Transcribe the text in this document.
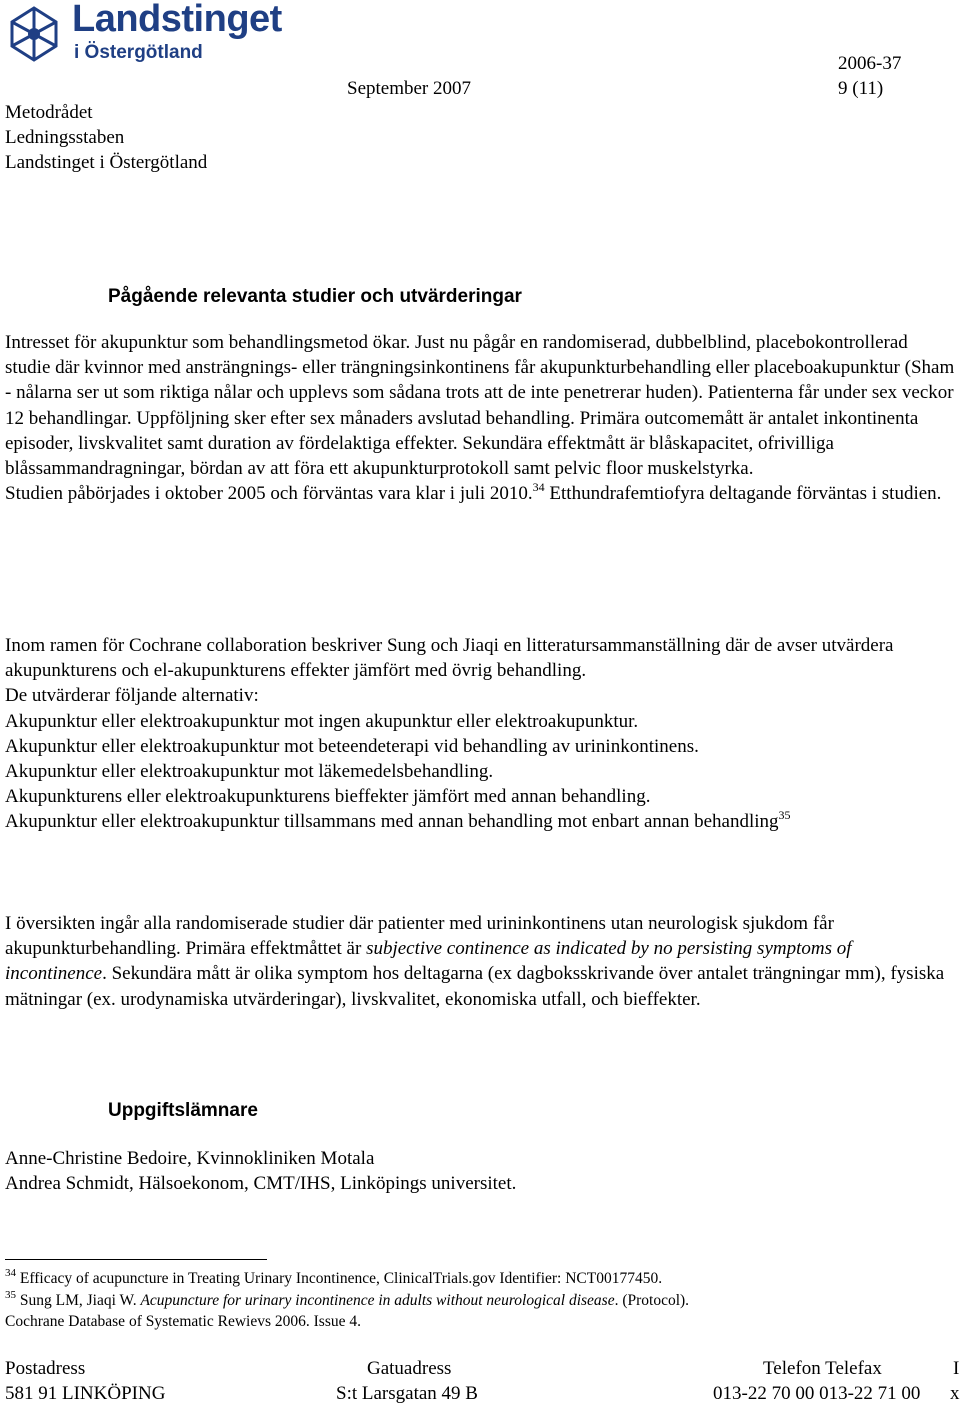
Landstinget
i Östergötland
September 2007
2006-37
9 (11)
Metodrådet
Ledningsstaben
Landstinget i Östergötland
Pågående relevanta studier och utvärderingar

Intresset för akupunktur som behandlingsmetod ökar. Just nu pågår en randomiserad, dubbelblind, placebokontrollerad studie där kvinnor med ansträngnings- eller trängningsinkontinens får akupunkturbehandling eller placeboakupunktur (Sham - nålarna ser ut som riktiga nålar och upplevs som sådana trots att de inte penetrerar huden). Patienterna får under sex veckor 12 behandlingar. Uppföljning sker efter sex månaders avslutad behandling. Primära outcomemått är antalet inkontinenta episoder, livskvalitet samt duration av fördelaktiga effekter. Sekundära effektmått är blåskapacitet, ofrivilliga blåssammandragningar, bördan av att föra ett akupunkturprotokoll samt pelvic floor muskelstyrka.

Studien påbörjades i oktober 2005 och förväntas vara klar i juli 2010.34 Etthundrafemtiofyra deltagande förväntas i studien.

Inom ramen för Cochrane collaboration beskriver Sung och Jiaqi en litteratursammanställning där de avser utvärdera akupunkturens och el-akupunkturens effekter jämfört med övrig behandling.

De utvärderar följande alternativ:

Akupunktur eller elektroakupunktur mot ingen akupunktur eller elektroakupunktur.

Akupunktur eller elektroakupunktur mot beteendeterapi vid behandling av urininkontinens.

Akupunktur eller elektroakupunktur mot läkemedelsbehandling.

Akupunkturens eller elektroakupunkturens bieffekter jämfört med annan behandling.

Akupunktur eller elektroakupunktur tillsammans med annan behandling mot enbart annan behandling$^{35}$

I översikten ingår alla randomiserade studier där patienter med urininkontinens utan neurologisk sjukdom får akupunkturbehandling. Primära effektmåttet är subjective continence as indicated by no persisting symptoms of incontinence. Sekundära mått är olika symptom hos deltagarna (ex dagboksskrivande över antalet trängningar mm), fysiska mätningar (ex. urodynamiska utvärderingar), livskvalitet, ekonomiska utfall, och bieffekter.

Uppgiftslämnare
Anne-Christine Bedoire, Kvinnokliniken Motala
Andrea Schmidt, Hälsoekonom, CMT/IHS, Linköpings universitet.
$^{34}$ Efficacy of acupuncture in Treating Urinary Incontinence, ClinicalTrials.gov Identifier: NCT00177450.
$^{35}$ Sung LM, Jiaqi W. Acupuncture for urinary incontinence in adults without neurological disease. (Protocol).
Cochrane Database of Systematic Rewievs 2006. Issue 4.
Postadress
581 91 LINKÖPING
Gatuadress
S:t Larsgatan 49 B
Telefon Telefax
013-22 70 00 013-22 71 00
I
x
